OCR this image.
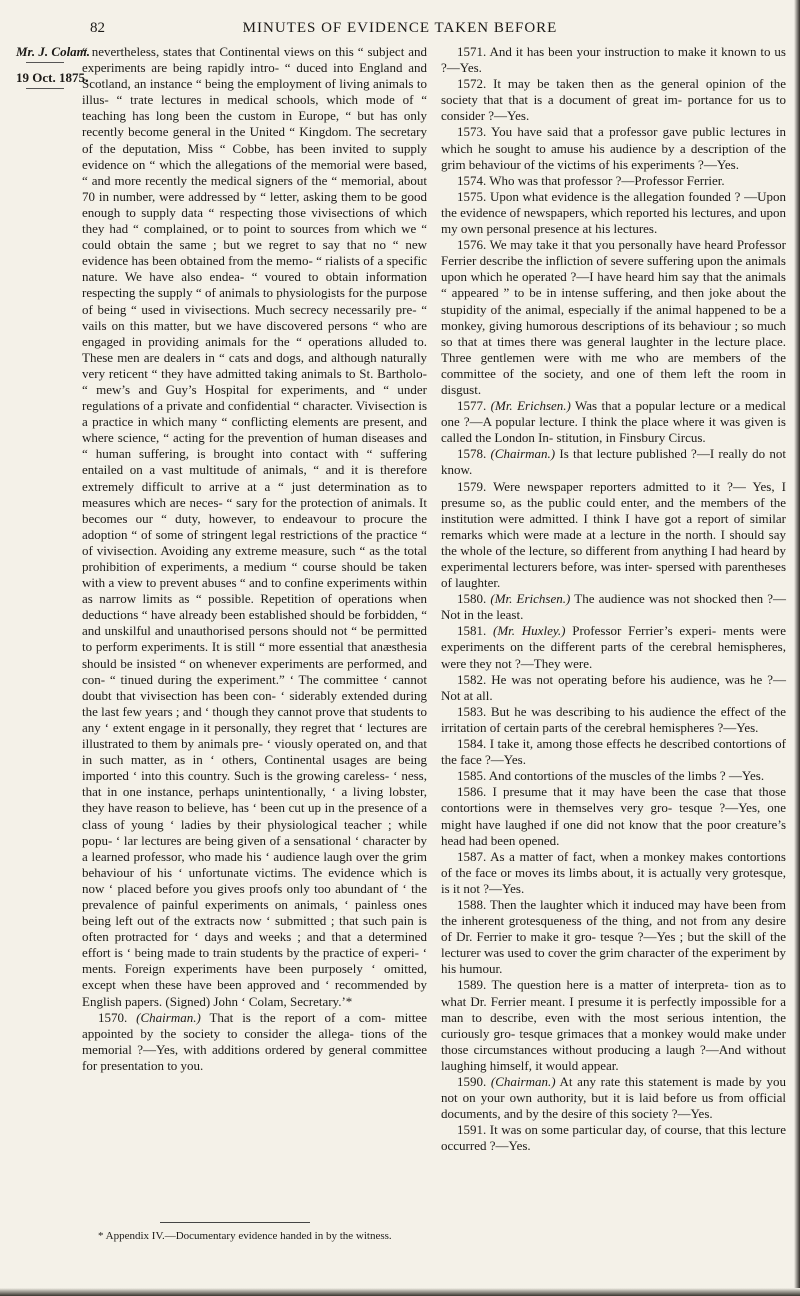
82	MINUTES OF EVIDENCE TAKEN BEFORE
Mr. J. Colam.
19 Oct. 1875.

“ nevertheless, states that Continental views on this “ subject and experiments are being rapidly intro- “ duced into England and Scotland, an instance “ being the employment of living animals to illus- “ trate lectures in medical schools, which mode of “ teaching has long been the custom in Europe, “ but has only recently become general in the United “ Kingdom. The secretary of the deputation, Miss “ Cobbe, has been invited to supply evidence on “ which the allegations of the memorial were based, “ and more recently the medical signers of the “ memorial, about 70 in number, were addressed by “ letter, asking them to be good enough to supply data “ respecting those vivisections of which they had “ complained, or to point to sources from which we “ could obtain the same ; but we regret to say that no “ new evidence has been obtained from the memo- “ rialists of a specific nature. We have also endea- “ voured to obtain information respecting the supply “ of animals to physiologists for the purpose of being “ used in vivisections. Much secrecy necessarily pre- “ vails on this matter, but we have discovered persons “ who are engaged in providing animals for the “ operations alluded to. These men are dealers in “ cats and dogs, and although naturally very reticent “ they have admitted taking animals to St. Bartholo- “ mew’s and Guy’s Hospital for experiments, and “ under regulations of a private and confidential “ character. Vivisection is a practice in which many “ conflicting elements are present, and where science, “ acting for the prevention of human diseases and “ human suffering, is brought into contact with “ suffering entailed on a vast multitude of animals, “ and it is therefore extremely difficult to arrive at a “ just determination as to measures which are neces- “ sary for the protection of animals. It becomes our “ duty, however, to endeavour to procure the adoption “ of some of stringent legal restrictions of the practice “ of vivisection. Avoiding any extreme measure, such “ as the total prohibition of experiments, a medium “ course should be taken with a view to prevent abuses “ and to confine experiments within as narrow limits as “ possible. Repetition of operations when deductions “ have already been established should be forbidden, “ and unskilful and unauthorised persons should not “ be permitted to perform experiments. It is still “ more essential that anæsthesia should be insisted “ on whenever experiments are performed, and con- “ tinued during the experiment.” ‘ The committee ‘ cannot doubt that vivisection has been con- ‘ siderably extended during the last few years ; and ‘ though they cannot prove that students to any ‘ extent engage in it personally, they regret that ‘ lectures are illustrated to them by animals pre- ‘ viously operated on, and that in such matter, as in ‘ others, Continental usages are being imported ‘ into this country. Such is the growing careless- ‘ ness, that in one instance, perhaps unintentionally, ‘ a living lobster, they have reason to believe, has ‘ been cut up in the presence of a class of young ‘ ladies by their physiological teacher ; while popu- ‘ lar lectures are being given of a sensational ‘ character by a learned professor, who made his ‘ audience laugh over the grim behaviour of his ‘ unfortunate victims. The evidence which is now ‘ placed before you gives proofs only too abundant of ‘ the prevalence of painful experiments on animals, ‘ painless ones being left out of the extracts now ‘ submitted ; that such pain is often protracted for ‘ days and weeks ; and that a determined effort is ‘ being made to train students by the practice of experi- ‘ ments. Foreign experiments have been purposely ‘ omitted, except when these have been approved and ‘ recommended by English papers. (Signed) John ‘ Colam, Secretary.’*

1570. (Chairman.) That is the report of a com- mittee appointed by the society to consider the allega- tions of the memorial ?—Yes, with additions ordered by general committee for presentation to you.

1571. And it has been your instruction to make it known to us ?—Yes.

1572. It may be taken then as the general opinion of the society that that is a document of great im- portance for us to consider ?—Yes.

1573. You have said that a professor gave public lectures in which he sought to amuse his audience by a description of the grim behaviour of the victims of his experiments ?—Yes.

1574. Who was that professor ?—Professor Ferrier.

1575. Upon what evidence is the allegation founded ? —Upon the evidence of newspapers, which reported his lectures, and upon my own personal presence at his lectures.

1576. We may take it that you personally have heard Professor Ferrier describe the infliction of severe suffering upon the animals upon which he operated ?—I have heard him say that the animals “ appeared ” to be in intense suffering, and then joke about the stupidity of the animal, especially if the animal happened to be a monkey, giving humorous descriptions of its behaviour ; so much so that at times there was general laughter in the lecture place. Three gentlemen were with me who are members of the committee of the society, and one of them left the room in disgust.

1577. (Mr. Erichsen.) Was that a popular lecture or a medical one ?—A popular lecture. I think the place where it was given is called the London In- stitution, in Finsbury Circus.

1578. (Chairman.) Is that lecture published ?—I really do not know.

1579. Were newspaper reporters admitted to it ?— Yes, I presume so, as the public could enter, and the members of the institution were admitted. I think I have got a report of similar remarks which were made at a lecture in the north. I should say the whole of the lecture, so different from anything I had heard by experimental lecturers before, was inter- spersed with parentheses of laughter.

1580. (Mr. Erichsen.) The audience was not shocked then ?—Not in the least.

1581. (Mr. Huxley.) Professor Ferrier’s experi- ments were experiments on the different parts of the cerebral hemispheres, were they not ?—They were.

1582. He was not operating before his audience, was he ?—Not at all.

1583. But he was describing to his audience the effect of the irritation of certain parts of the cerebral hemispheres ?—Yes.

1584. I take it, among those effects he described contortions of the face ?—Yes.

1585. And contortions of the muscles of the limbs ? —Yes.

1586. I presume that it may have been the case that those contortions were in themselves very gro- tesque ?—Yes, one might have laughed if one did not know that the poor creature’s head had been opened.

1587. As a matter of fact, when a monkey makes contortions of the face or moves its limbs about, it is actually very grotesque, is it not ?—Yes.

1588. Then the laughter which it induced may have been from the inherent grotesqueness of the thing, and not from any desire of Dr. Ferrier to make it gro- tesque ?—Yes ; but the skill of the lecturer was used to cover the grim character of the experiment by his humour.

1589. The question here is a matter of interpreta- tion as to what Dr. Ferrier meant. I presume it is perfectly impossible for a man to describe, even with the most serious intention, the curiously gro- tesque grimaces that a monkey would make under those circumstances without producing a laugh ?—And without laughing himself, it would appear.

1590. (Chairman.) At any rate this statement is made by you not on your own authority, but it is laid before us from official documents, and by the desire of this society ?—Yes.

1591. It was on some particular day, of course, that this lecture occurred ?—Yes.

* Appendix IV.—Documentary evidence handed in by the witness.
